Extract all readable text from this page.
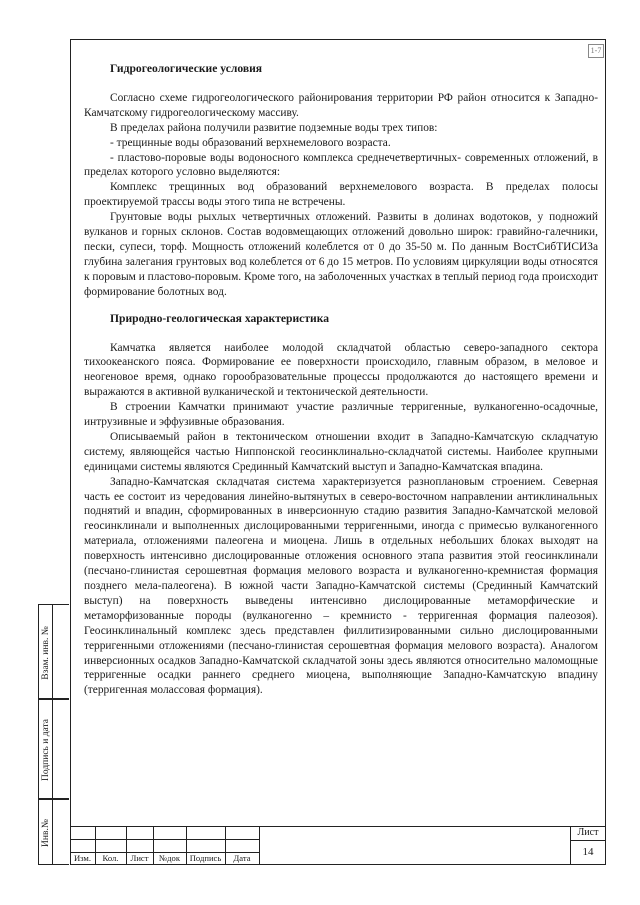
1-7
Взам. инв. №
Подпись и дата
Инв.№
Гидрогеологические условия

Согласно схеме гидрогеологического районирования территории РФ район относится к Западно-Камчатскому гидрогеологическому массиву.

В пределах района получили развитие подземные воды трех типов:

- трещинные воды образований верхнемелового возраста.

- пластово-поровые воды водоносного комплекса среднечетвертичных- современных отложений, в пределах которого условно выделяются:

Комплекс трещинных вод образований верхнемелового возраста. В пределах полосы проектируемой трассы воды этого типа не встречены.

Грунтовые воды рыхлых четвертичных отложений. Развиты в долинах водотоков, у подножий вулканов и горных склонов. Состав водовмещающих отложений довольно широк: гравийно-галечники, пески, супеси, торф. Мощность отложений колеблется от 0 до 35-50 м. По данным ВостСибТИСИЗа глубина залегания грунтовых вод колеблется от 6 до 15 метров. По условиям циркуляции воды относятся к поровым и пластово-поровым. Кроме того, на заболоченных участках в теплый период года происходит формирование болотных вод.

Природно-геологическая характеристика

Камчатка является наиболее молодой складчатой областью северо-западного сектора тихоокеанского пояса. Формирование ее поверхности происходило, главным образом, в меловое и неогеновое время, однако горообразовательные процессы продолжаются до настоящего времени и выражаются в активной вулканической и тектонической деятельности.

В строении Камчатки принимают участие различные терригенные, вулканогенно-осадочные, интрузивные и эффузивные образования.

Описываемый район в тектоническом отношении входит в Западно-Камчатскую складчатую систему, являющейся частью Ниппонской геосинклинально-складчатой системы. Наиболее крупными единицами системы являются Срединный Камчатский выступ и Западно-Камчатская впадина.

Западно-Камчатская складчатая система характеризуется разноплановым строением. Северная часть ее состоит из чередования линейно-вытянутых в северо-восточном направлении антиклинальных поднятий и впадин, сформированных в инверсионную стадию развития Западно-Камчатской меловой геосинклинали и выполненных дислоцированными терригенными, иногда с примесью вулканогенного материала, отложениями палеогена и миоцена. Лишь в отдельных небольших блоках выходят на поверхность интенсивно дислоцированные отложения основного этапа развития этой геосинклинали (песчано-глинистая серошевтная формация мелового возраста и вулканогенно-кремнистая формация позднего мела-палеогена). В южной части Западно-Камчатской системы (Срединный Камчатский выступ) на поверхность выведены интенсивно дислоцированные метаморфические и метаморфизованные породы (вулканогенно – кремнисто - терригенная формация палеозоя). Геосинклинальный комплекс здесь представлен филлитизированными сильно дислоцированными терригенными отложениями (песчано-глинистая серошевтная формация мелового возраста). Аналогом инверсионных осадков Западно-Камчатской складчатой зоны здесь являются относительно маломощные терригенные осадки раннего среднего миоцена, выполняющие Западно-Камчатскую впадину (терригенная молассовая формация).

Изм.	Кол.	Лист	№док	Подпись	Дата
Лист
14
